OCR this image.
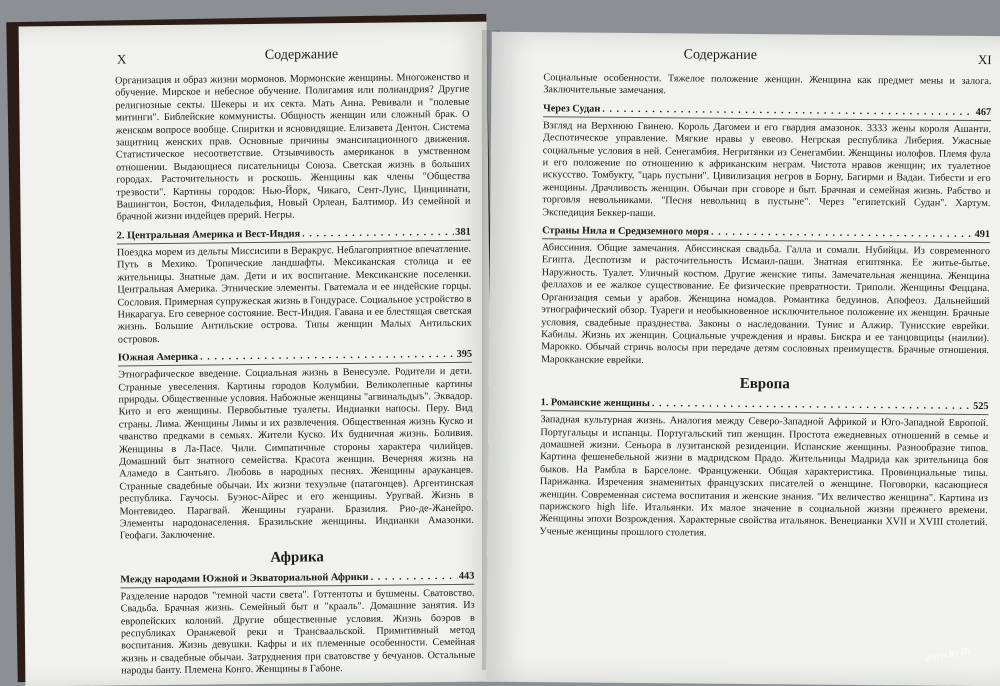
X	Содержание

Организация и образ жизни мормонов. Мормонские женщины. Многоженство и обучение. Мирское и небесное обучение. Полигамия или полиандрия? Другие религиозные секты. Шекеры и их секта. Мать Анна. Ревивали и "полевые митинги". Библейские коммунисты. Общность женщин или сложный брак. О женском вопросе вообще. Спиритки и ясновидящие. Елизавета Дентон. Система защитниц женских прав. Основные причины эмансипационного движения. Статистическое несоответствие. Отзывчивость американок в умственном отношении. Выдающиеся писательницы Союза. Светская жизнь в больших городах. Расточительность и роскошь. Женщины как члены "Общества трезвости". Картины городов: Нью-Йорк, Чикаго, Сент-Луис, Цинциннати, Вашингтон, Бостон, Филадельфия, Новый Орлеан, Балтимор. Из семейной и брачной жизни индейцев прерий. Негры.

2. Центральная Америка и Вест-Индия . . .	381

Поездка морем из дельты Миссисипи в Веракрус. Неблагоприятное впечатление. Путь в Мехико. Тропические ландшафты. Мексиканская столица и ее жительницы. Знатные дам. Дети и их воспитание. Мексиканские поселенки. Центральная Америка. Этнические элементы. Гватемала и ее индейские горцы. Сословия. Примерная супружеская жизнь в Гондурасе. Социальное устройство в Никарагуа. Его северное состояние. Вест-Индия. Гавана и ее блестящая светская жизнь. Большие Антильские острова. Типы женщин Малых Антильских островов.

Южная Америка . . .	395

Этнографическое введение. Социальная жизнь в Венесуэле. Родители и дети. Странные увеселения. Картины городов Колумбии. Великолепные картины природы. Общественные условия. Набожные женщины "агвинальдыъ". Эквадор. Кито и его женщины. Первобытные туалеты. Индианки напосы. Перу. Вид страны. Лима. Женщины Лимы и их развлечения. Общественная жизнь Куско и чванство предками в семьях. Жители Куско. Их будничная жизнь. Боливия. Женщины в Ла-Пасе. Чили. Симпатичные стороны характера чилийцев. Домашний быт знатного семейства. Красота женщин. Вечерняя жизнь на Аламедо в Сантьяго. Любовь в народных песнях. Женщины арауканцев. Странные свадебные обычаи. Их жизни техуэльче (патагонцев). Аргентинская республика. Гаучосы. Буэнос-Айрес и его женщины. Уругвай. Жизнь в Монтевидео. Парагвай. Женщины гуарани. Бразилия. Рио-де-Жанейро. Элементы народонаселения. Бразильские женщины. Индианки Амазонки. Геофаги. Заключение.

Африка
Между народами Южной и Экваториальной Африки . . .	443

Разделение народов "темной части света". Готтентоты и бушмены. Сватовство. Свадьба. Брачная жизнь. Семейный быт и "крааль". Домашние занятия. Из европейских колоний. Другие общественные условия. Жизнь боэров в республиках Оранжевой реки и Трансваальской. Примитивный метод воспитания. Жизнь девушки. Кафры и их племенные особенности. Семейная жизнь и свадебные обычаи. Затруднения при сватовстве у бечуанов. Остальные народы банту. Племена Конго. Женщины в Габоне.

Содержание	XI

Социальные особенности. Тяжелое положение женщин. Женщина как предмет мены и залога. Заключительные замечания.

Через Судан . . .	467

Взгляд на Верхнюю Гвинею. Король Дагомеи и его гвардия амазонок. 3333 жены короля Ашанти. Деспотическое управление. Мягкие нравы у евеово. Негрская республика Либерия. Ужасные социальные условия в ней. Сенегамбия. Негритянки из Сенегамбии. Женщины иолофов. Племя фула и его положение по отношению к африканским неграм. Чистота нравов женщин; их туалетное искусство. Томбукту, "царь пустыни". Цивилизация негров в Борну, Багирми и Вадаи. Тибести и его женщины. Драчливость женщин. Обычаи при сговоре и быт. Брачная и семейная жизнь. Рабство и торговля невольниками. "Песня невольниц в пустыне". Через "египетский Судан". Хартум. Экспедиция Беккер-паши.

Страны Нила и Средиземного моря . . .	491

Абиссиния. Общие замечания. Абиссинская свадьба. Галла и сомали. Нубийцы. Из современного Египта. Деспотизм и расточительность Исмаил-паши. Знатная египтянка. Ее житье-бытье. Наружность. Туалет. Уличный костюм. Другие женские типы. Замечательная женщина. Женщина феллахов и ее жалкое существование. Ее физические превратности. Триполи. Женщины Феццана. Организация семьи у арабов. Женщина номадов. Романтика бедуинов. Апофеоз. Дальнейший этнографический обзор. Туареги и необыкновенное исключительное положение их женщин. Брачные условия, свадебные празднества. Законы о наследовании. Тунис и Алжир. Тунисские еврейки. Кабилы. Жизнь их женщин. Социальные учреждения и нравы. Бискра и ее танцовщицы (наилии). Марокко. Обычай стричь волосы при передаче детям сословных преимуществ. Брачные отношения. Марокканские еврейки.

Европа
1. Романские женщины . . .	525

Западная культурная жизнь. Аналогия между Северо-Западной Африкой и Юго-Западной Европой. Португальцы и испанцы. Португальский тип женщин. Простота ежедневных отношений в семье и домашней жизни. Сеньора в лузитанской резиденции. Испанские женщины. Разнообразие типов. Картина фешенебельной жизни в мадридском Прадо. Жительницы Мадрида как зрительница боя быков. На Рамбла в Барселоне. Француженки. Общая характеристика. Провинциальные типы. Парижанка. Изречения знаменитых французских писателей о женщине. Поговорки, касающиеся женщин. Современная система воспитания и женские знания. "Их величество женщина". Картина из парижского high life. Итальянки. Их малое значение в социальной жизни прежнего времени. Женщины эпохи Возрождения. Характерные свойства итальянок. Венецианки XVII и XVIII столетий. Ученые женщины прошлого столетия.

www.ay.by
